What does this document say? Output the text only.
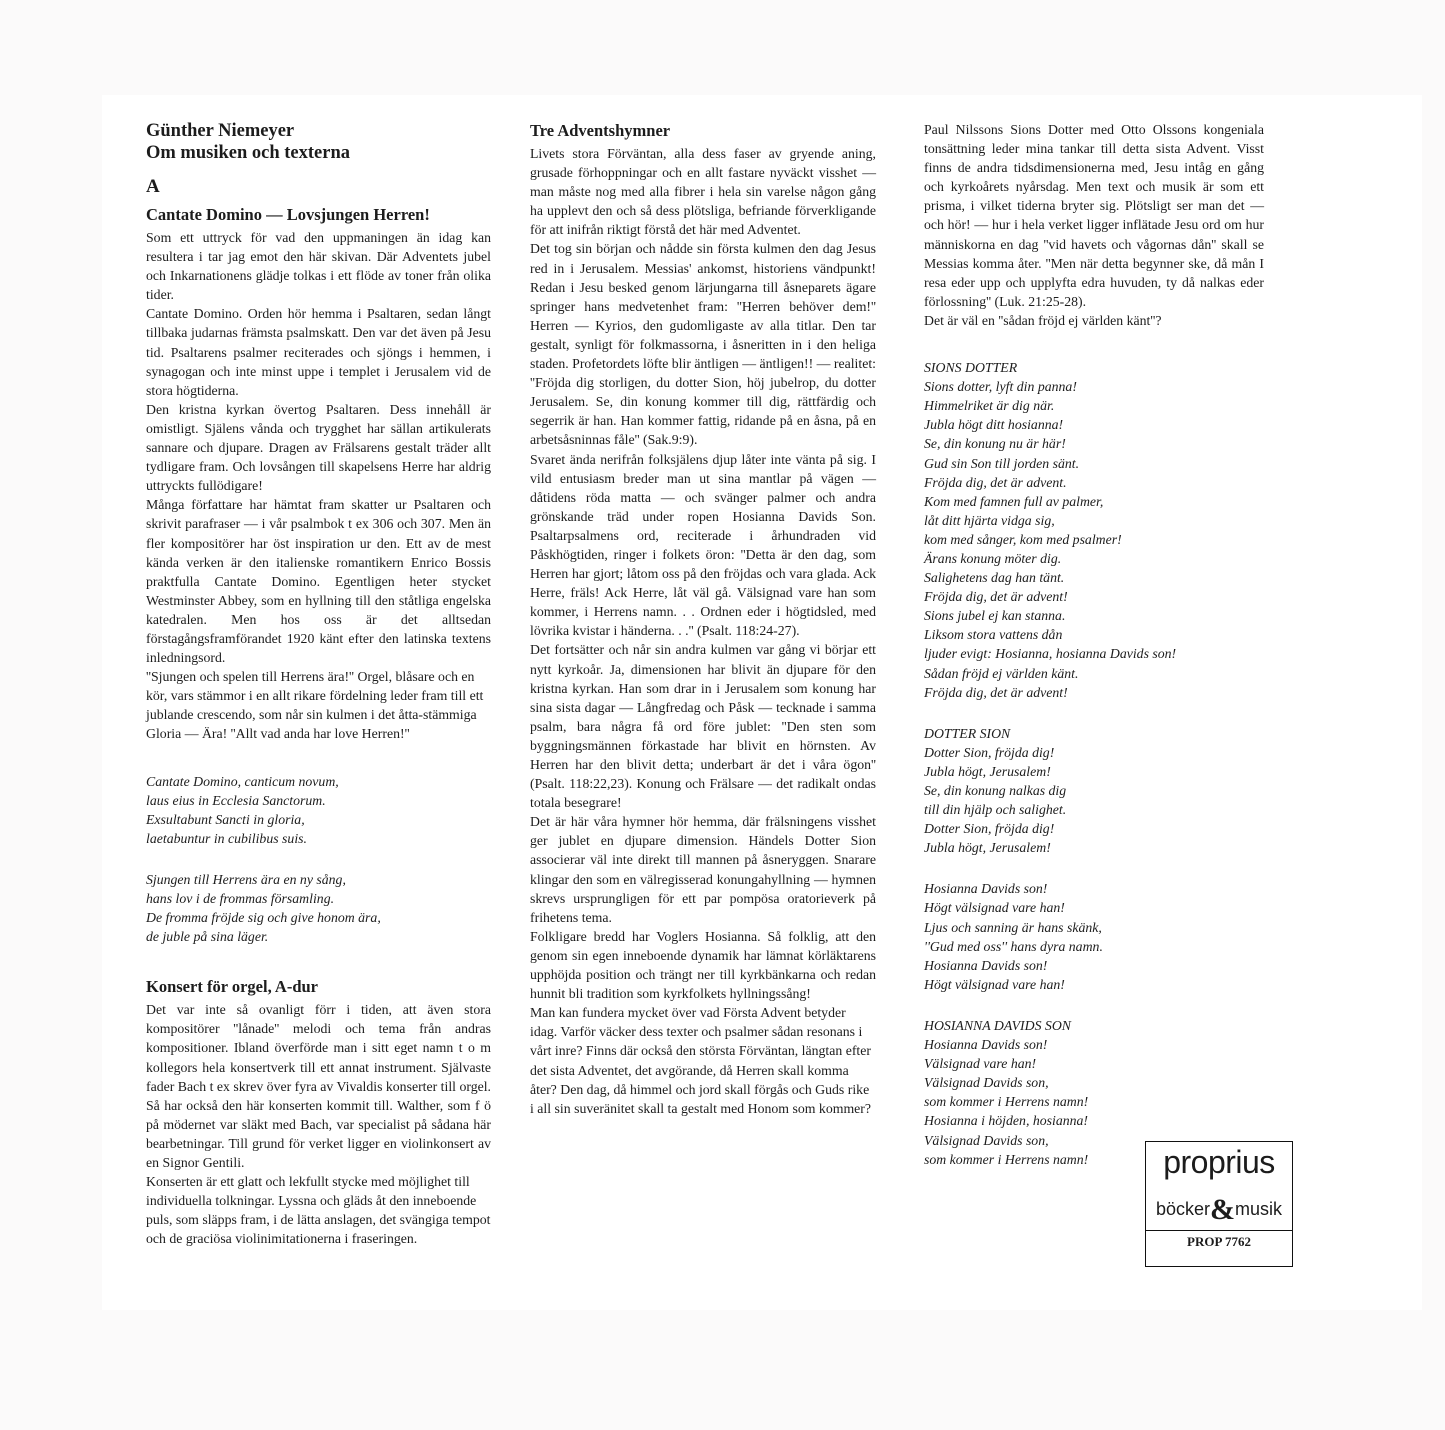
Günther Niemeyer
Om musiken och texterna
A
Cantate Domino — Lovsjungen Herren!

Som ett uttryck för vad den uppmaningen än idag kan resultera i tar jag emot den här skivan. Där Adventets jubel och Inkarnationens glädje tolkas i ett flöde av toner från olika tider.

Cantate Domino. Orden hör hemma i Psaltaren, sedan långt tillbaka judarnas främsta psalmskatt. Den var det även på Jesu tid. Psaltarens psalmer reciterades och sjöngs i hemmen, i synagogan och inte minst uppe i templet i Jerusalem vid de stora högtiderna.

Den kristna kyrkan övertog Psaltaren. Dess innehåll är omistligt. Själens vånda och trygghet har sällan artikulerats sannare och djupare. Dragen av Frälsarens gestalt träder allt tydligare fram. Och lovsången till skapelsens Herre har aldrig uttryckts fullödigare!

Många författare har hämtat fram skatter ur Psaltaren och skrivit parafraser — i vår psalmbok t ex 306 och 307. Men än fler kompositörer har öst inspiration ur den. Ett av de mest kända verken är den italienske romantikern Enrico Bossis praktfulla Cantate Domino. Egentligen heter stycket Westminster Abbey, som en hyllning till den ståtliga engelska katedralen. Men hos oss är det alltsedan förstagångsframförandet 1920 känt efter den latinska textens inledningsord.

''Sjungen och spelen till Herrens ära!'' Orgel, blåsare och en kör, vars stämmor i en allt rikare fördelning leder fram till ett jublande crescendo, som når sin kulmen i det åtta-stämmiga Gloria — Ära! ''Allt vad anda har love Herren!''

Cantate Domino, canticum novum,
laus eius in Ecclesia Sanctorum.
Exsultabunt Sancti in gloria,
laetabuntur in cubilibus suis.
Sjungen till Herrens ära en ny sång,
hans lov i de frommas församling.
De fromma fröjde sig och give honom ära,
de juble på sina läger.
Konsert för orgel, A-dur

Det var inte så ovanligt förr i tiden, att även stora kompositörer ''lånade'' melodi och tema från andras kompositioner. Ibland överförde man i sitt eget namn t o m kollegors hela konsertverk till ett annat instrument. Självaste fader Bach t ex skrev över fyra av Vivaldis konserter till orgel.

Så har också den här konserten kommit till. Walther, som f ö på mödernet var släkt med Bach, var specialist på sådana här bearbetningar. Till grund för verket ligger en violinkonsert av en Signor Gentili.

Konserten är ett glatt och lekfullt stycke med möjlighet till individuella tolkningar. Lyssna och gläds åt den inneboende puls, som släpps fram, i de lätta anslagen, det svängiga tempot och de graciösa violinimitationerna i fraseringen.

Tre Adventshymner

Livets stora Förväntan, alla dess faser av gryende aning, grusade förhoppningar och en allt fastare nyväckt visshet — man måste nog med alla fibrer i hela sin varelse någon gång ha upplevt den och så dess plötsliga, befriande förverkligande för att inifrån riktigt förstå det här med Adventet.

Det tog sin början och nådde sin första kulmen den dag Jesus red in i Jerusalem. Messias' ankomst, historiens vändpunkt! Redan i Jesu besked genom lärjungarna till åsneparets ägare springer hans medvetenhet fram: ''Herren behöver dem!'' Herren — Kyrios, den gudomligaste av alla titlar. Den tar gestalt, synligt för folkmassorna, i åsneritten in i den heliga staden. Profetordets löfte blir äntligen — äntligen!! — realitet: ''Fröjda dig storligen, du dotter Sion, höj jubelrop, du dotter Jerusalem. Se, din konung kommer till dig, rättfärdig och segerrik är han. Han kommer fattig, ridande på en åsna, på en arbetsåsninnas fåle'' (Sak.9:9).

Svaret ända nerifrån folksjälens djup låter inte vänta på sig. I vild entusiasm breder man ut sina mantlar på vägen — dåtidens röda matta — och svänger palmer och andra grönskande träd under ropen Hosianna Davids Son. Psaltarpsalmens ord, reciterade i århundraden vid Påskhögtiden, ringer i folkets öron: ''Detta är den dag, som Herren har gjort; låtom oss på den fröjdas och vara glada. Ack Herre, fräls! Ack Herre, låt väl gå. Välsignad vare han som kommer, i Herrens namn. . . Ordnen eder i högtidsled, med lövrika kvistar i händerna. . .'' (Psalt. 118:24-27).

Det fortsätter och når sin andra kulmen var gång vi börjar ett nytt kyrkoår. Ja, dimensionen har blivit än djupare för den kristna kyrkan. Han som drar in i Jerusalem som konung har sina sista dagar — Långfredag och Påsk — tecknade i samma psalm, bara några få ord före jublet: ''Den sten som byggningsmännen förkastade har blivit en hörnsten. Av Herren har den blivit detta; underbart är det i våra ögon'' (Psalt. 118:22,23). Konung och Frälsare — det radikalt ondas totala besegrare!

Det är här våra hymner hör hemma, där frälsningens visshet ger jublet en djupare dimension. Händels Dotter Sion associerar väl inte direkt till mannen på åsneryggen. Snarare klingar den som en välregisserad konungahyllning — hymnen skrevs ursprungligen för ett par pompösa oratorieverk på frihetens tema.

Folkligare bredd har Voglers Hosianna. Så folklig, att den genom sin egen inneboende dynamik har lämnat körläktarens upphöjda position och trängt ner till kyrkbänkarna och redan hunnit bli tradition som kyrkfolkets hyllningssång!

Man kan fundera mycket över vad Första Advent betyder idag. Varför väcker dess texter och psalmer sådan resonans i vårt inre? Finns där också den största Förväntan, längtan efter det sista Adventet, det avgörande, då Herren skall komma åter? Den dag, då himmel och jord skall förgås och Guds rike i all sin suveränitet skall ta gestalt med Honom som kommer?

Paul Nilssons Sions Dotter med Otto Olssons kongeniala tonsättning leder mina tankar till detta sista Advent. Visst finns de andra tidsdimensionerna med, Jesu intåg en gång och kyrkoårets nyårsdag. Men text och musik är som ett prisma, i vilket tiderna bryter sig. Plötsligt ser man det — och hör! — hur i hela verket ligger inflätade Jesu ord om hur människorna en dag ''vid havets och vågornas dån'' skall se Messias komma åter. ''Men när detta begynner ske, då mån I resa eder upp och upplyfta edra huvuden, ty då nalkas eder förlossning'' (Luk. 21:25-28).

Det är väl en ''sådan fröjd ej världen känt''?

SIONS DOTTER
Sions dotter, lyft din panna!
Himmelriket är dig när.
Jubla högt ditt hosianna!
Se, din konung nu är här!
Gud sin Son till jorden sänt.
Fröjda dig, det är advent.
Kom med famnen full av palmer,
låt ditt hjärta vidga sig,
kom med sånger, kom med psalmer!
Ärans konung möter dig.
Salighetens dag han tänt.
Fröjda dig, det är advent!
Sions jubel ej kan stanna.
Liksom stora vattens dån
ljuder evigt: Hosianna, hosianna Davids son!
Sådan fröjd ej världen känt.
Fröjda dig, det är advent!
DOTTER SION
Dotter Sion, fröjda dig!
Jubla högt, Jerusalem!
Se, din konung nalkas dig
till din hjälp och salighet.
Dotter Sion, fröjda dig!
Jubla högt, Jerusalem!
Hosianna Davids son!
Högt välsignad vare han!
Ljus och sanning är hans skänk,
''Gud med oss'' hans dyra namn.
Hosianna Davids son!
Högt välsignad vare han!
HOSIANNA DAVIDS SON
Hosianna Davids son!
Välsignad vare han!
Välsignad Davids son,
som kommer i Herrens namn!
Hosianna i höjden, hosianna!
Välsignad Davids son,
som kommer i Herrens namn!	proprius
böcker&musik
PROP 7762
